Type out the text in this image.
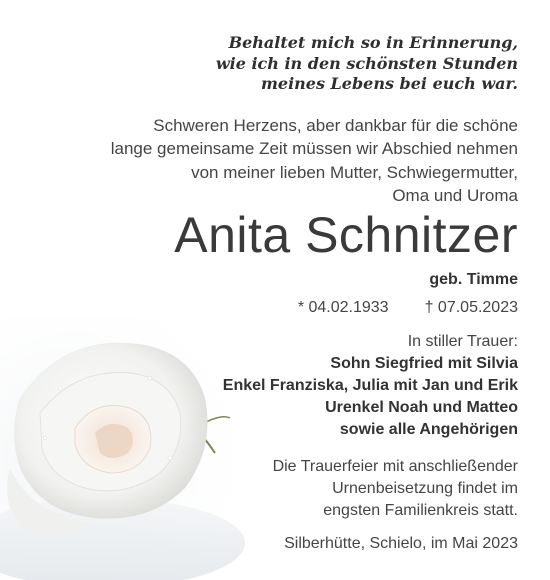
Behaltet mich so in Erinnerung,
wie ich in den schönsten Stunden
meines Lebens bei euch war.
Schweren Herzens, aber dankbar für die schöne
lange gemeinsame Zeit müssen wir Abschied nehmen
von meiner lieben Mutter, Schwiegermutter,
Oma und Uroma
Anita Schnitzer
geb. Timme
* 04.02.1933 † 07.05.2023
In stiller Trauer:
Sohn Siegfried mit Silvia
Enkel Franziska, Julia mit Jan und Erik
Urenkel Noah und Matteo
sowie alle Angehörigen
Die Trauerfeier mit anschließender
Urnenbeisetzung findet im
engsten Familienkreis statt.
Silberhütte, Schielo, im Mai 2023
